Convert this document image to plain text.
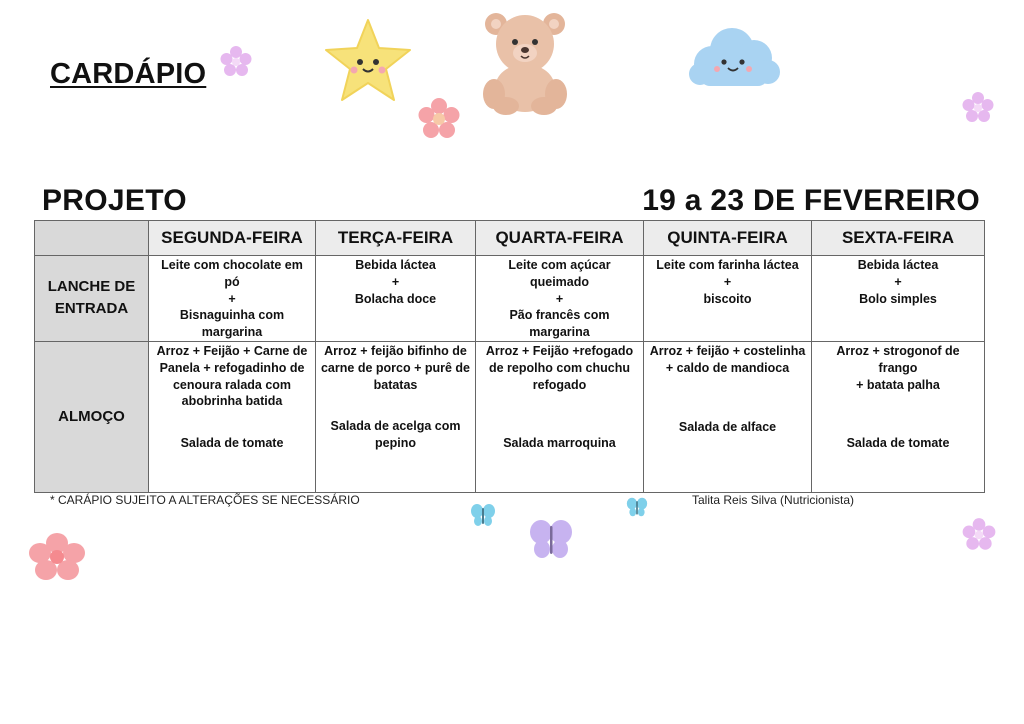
CARDÁPIO
PROJETO	19 a 23 DE FEVEREIRO
	SEGUNDA-FEIRA	TERÇA-FEIRA	QUARTA-FEIRA	QUINTA-FEIRA	SEXTA-FEIRA
LANCHE DE ENTRADA	Leite com chocolate em pó
+
Bisnaguinha com
margarina	Bebida láctea
+
Bolacha doce	Leite com açúcar
queimado
+
Pão francês com
margarina	Leite com farinha láctea
+
biscoito	Bebida láctea
+
Bolo simples

ALMOÇO	Arroz + Feijão + Carne de
Panela + refogadinho de
cenoura ralada com
abobrinha batida
Salada de tomate	Arroz + feijão bifinho de
carne de porco + purê de
batatas
Salada de acelga com
pepino	Arroz + Feijão +refogado
de repolho com chuchu
refogado
Salada marroquina	Arroz + feijão + costelinha
+ caldo de mandioca
Salada de alface	Arroz + strogonof de frango
+ batata palha
Salada de tomate
* CARÁPIO SUJEITO A ALTERAÇÕES SE NECESSÁRIO	Talita Reis Silva (Nutricionista)
